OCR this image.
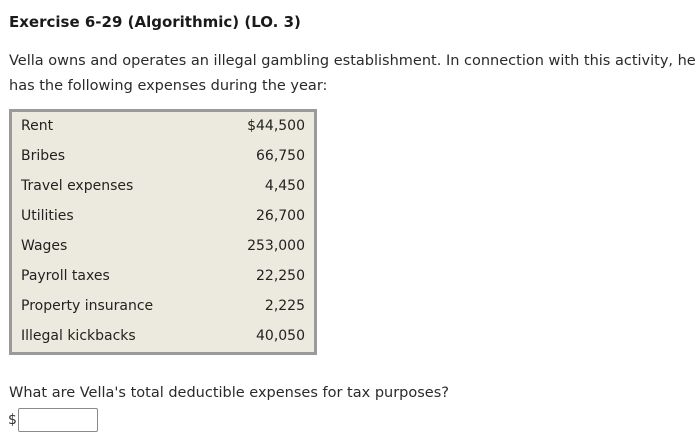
Exercise 6-29 (Algorithmic) (LO. 3)
Vella owns and operates an illegal gambling establishment. In connection with this activity, he has the following expenses during the year:
Rent	$44,500
Bribes	66,750
Travel expenses	4,450
Utilities	26,700
Wages	253,000
Payroll taxes	22,250
Property insurance	2,225
Illegal kickbacks	40,050
What are Vella's total deductible expenses for tax purposes?
$
